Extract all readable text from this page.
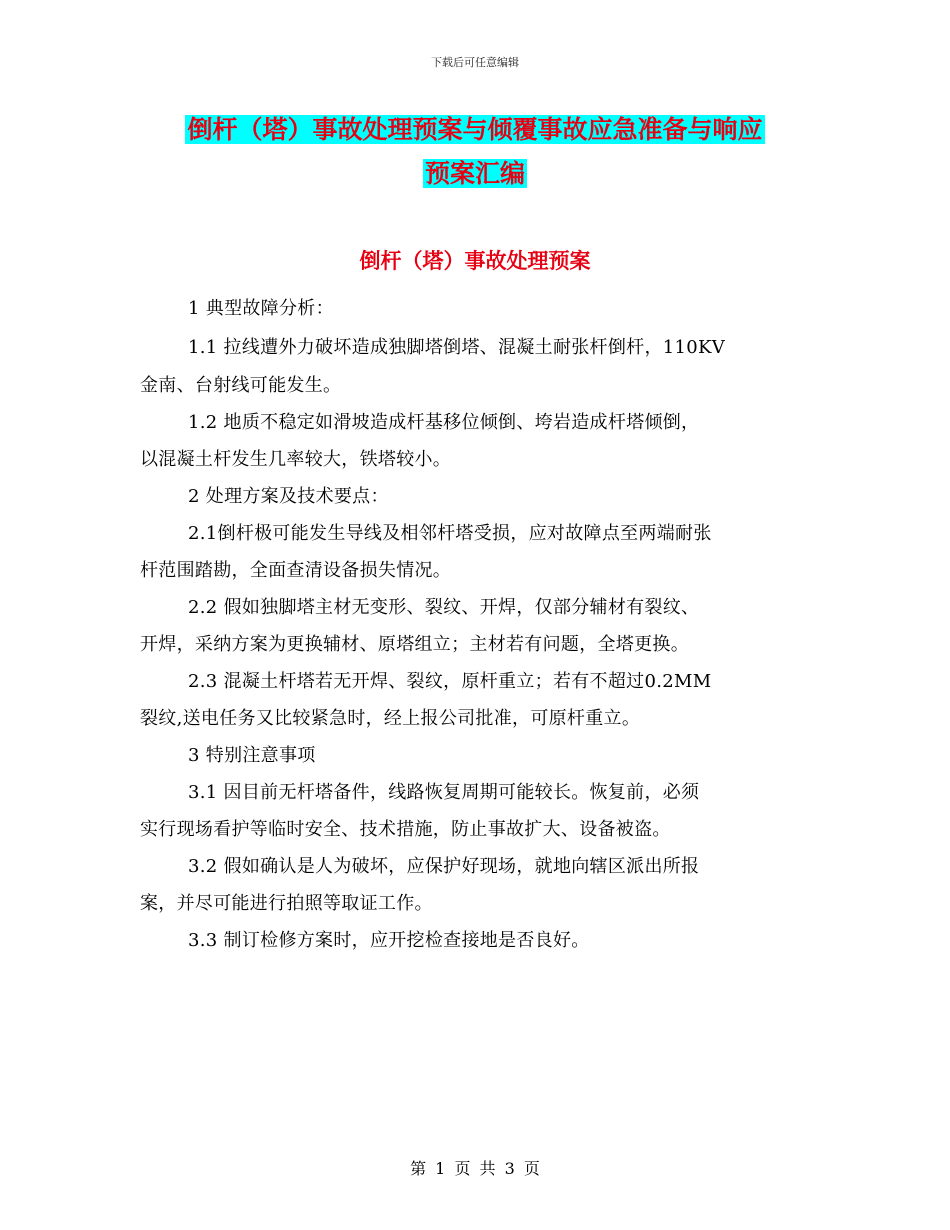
下载后可任意编辑
倒杆（塔）事故处理预案与倾覆事故应急准备与响应
预案汇编
倒杆（塔）事故处理预案
1 典型故障分析：
1.1 拉线遭外力破坏造成独脚塔倒塔、混凝土耐张杆倒杆，110KV
金南、台射线可能发生。
1.2 地质不稳定如滑坡造成杆基移位倾倒、垮岩造成杆塔倾倒，
以混凝土杆发生几率较大，铁塔较小。
2 处理方案及技术要点：
2.1倒杆极可能发生导线及相邻杆塔受损，应对故障点至两端耐张
杆范围踏勘，全面查清设备损失情况。
2.2 假如独脚塔主材无变形、裂纹、开焊，仅部分辅材有裂纹、
开焊，采纳方案为更换辅材、原塔组立；主材若有问题，全塔更换。
2.3 混凝土杆塔若无开焊、裂纹，原杆重立；若有不超过0.2MM
裂纹,送电任务又比较紧急时，经上报公司批准，可原杆重立。
3 特别注意事项
3.1 因目前无杆塔备件，线路恢复周期可能较长。恢复前，必须
实行现场看护等临时安全、技术措施，防止事故扩大、设备被盗。
3.2 假如确认是人为破坏，应保护好现场，就地向辖区派出所报
案，并尽可能进行拍照等取证工作。
3.3 制订检修方案时，应开挖检查接地是否良好。
第 1 页 共 3 页
